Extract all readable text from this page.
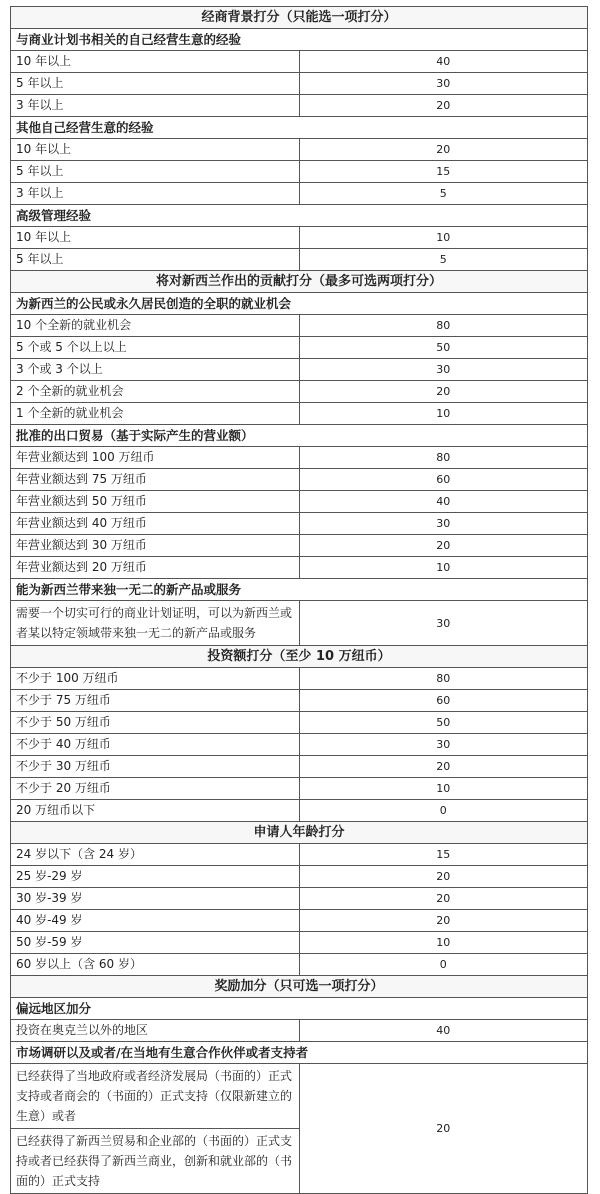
经商背景打分（只能选一项打分）	
与商业计划书相关的自己经营生意的经验	
10 年以上	40
5 年以上	30
3 年以上	20
其他自己经营生意的经验	
10 年以上	20
5 年以上	15
3 年以上	5
高级管理经验	
10 年以上	10
5 年以上	5
将对新西兰作出的贡献打分（最多可选两项打分）	
为新西兰的公民或永久居民创造的全职的就业机会	
10 个全新的就业机会	80
5 个或 5 个以上以上	50
3 个或 3 个以上	30
2 个全新的就业机会	20
1 个全新的就业机会	10
批准的出口贸易（基于实际产生的营业额）	
年营业额达到 100 万纽币	80
年营业额达到 75 万纽币	60
年营业额达到 50 万纽币	40
年营业额达到 40 万纽币	30
年营业额达到 30 万纽币	20
年营业额达到 20 万纽币	10
能为新西兰带来独一无二的新产品或服务	
需要一个切实可行的商业计划证明，可以为新西兰或者某以特定领域带来独一无二的新产品或服务	30
投资额打分（至少 10 万纽币）	
不少于 100 万纽币	80
不少于 75 万纽币	60
不少于 50 万纽币	50
不少于 40 万纽币	30
不少于 30 万纽币	20
不少于 20 万纽币	10
20 万纽币以下	0
申请人年龄打分	
24 岁以下（含 24 岁）	15
25 岁-29 岁	20
30 岁-39 岁	20
40 岁-49 岁	20
50 岁-59 岁	10
60 岁以上（含 60 岁）	0
奖励加分（只可选一项打分）	
偏远地区加分	
投资在奥克兰以外的地区	40
市场调研以及或者/在当地有生意合作伙伴或者支持者	
已经获得了当地政府或者经济发展局（书面的）正式支持或者商会的（书面的）正式支持（仅限新建立的生意）或者	20
已经获得了新西兰贸易和企业部的（书面的）正式支持或者已经获得了新西兰商业，创新和就业部的（书面的）正式支持	
